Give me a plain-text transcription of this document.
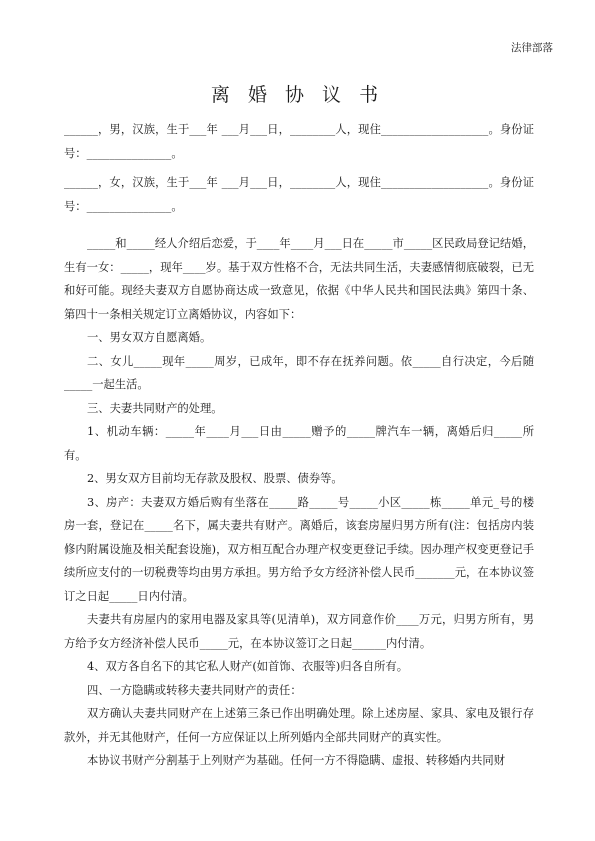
法律部落
离 婚 协 议 书

______，男，汉族，生于___年 ___月___日，________人，现住___________________。身份证号：_______________。

______，女，汉族，生于___年 ___月___日，________人，现住___________________。身份证号：_______________。

_____和_____经人介绍后恋爱，于____年____月___日在_____市_____区民政局登记结婚，生有一女：_____，现年____岁。基于双方性格不合，无法共同生活，夫妻感情彻底破裂，已无和好可能。现经夫妻双方自愿协商达成一致意见，依据《中华人民共和国民法典》第四十条、第四十一条相关规定订立离婚协议，内容如下：

一、男女双方自愿离婚。

二、女儿_____现年_____周岁，已成年，即不存在抚养问题。依_____自行决定，今后随_____一起生活。

三、夫妻共同财产的处理。

1、机动车辆：_____年____月___日由_____赠予的_____牌汽车一辆，离婚后归_____所有。

2、男女双方目前均无存款及股权、股票、债券等。

3、房产：夫妻双方婚后购有坐落在_____路_____号_____小区_____栋_____单元_号的楼房一套，登记在_____名下，属夫妻共有财产。离婚后，该套房屋归男方所有(注：包括房内装修内附属设施及相关配套设施)，双方相互配合办理产权变更登记手续。因办理产权变更登记手续所应支付的一切税费等均由男方承担。男方给予女方经济补偿人民币_______元，在本协议签订之日起_____日内付清。

夫妻共有房屋内的家用电器及家具等(见清单)，双方同意作价____万元，归男方所有，男方给予女方经济补偿人民币_____元，在本协议签订之日起______内付清。

4、双方各自名下的其它私人财产(如首饰、衣服等)归各自所有。

四、一方隐瞒或转移夫妻共同财产的责任：

双方确认夫妻共同财产在上述第三条已作出明确处理。除上述房屋、家具、家电及银行存款外，并无其他财产，任何一方应保证以上所列婚内全部共同财产的真实性。

本协议书财产分割基于上列财产为基础。任何一方不得隐瞒、虚报、转移婚内共同财
